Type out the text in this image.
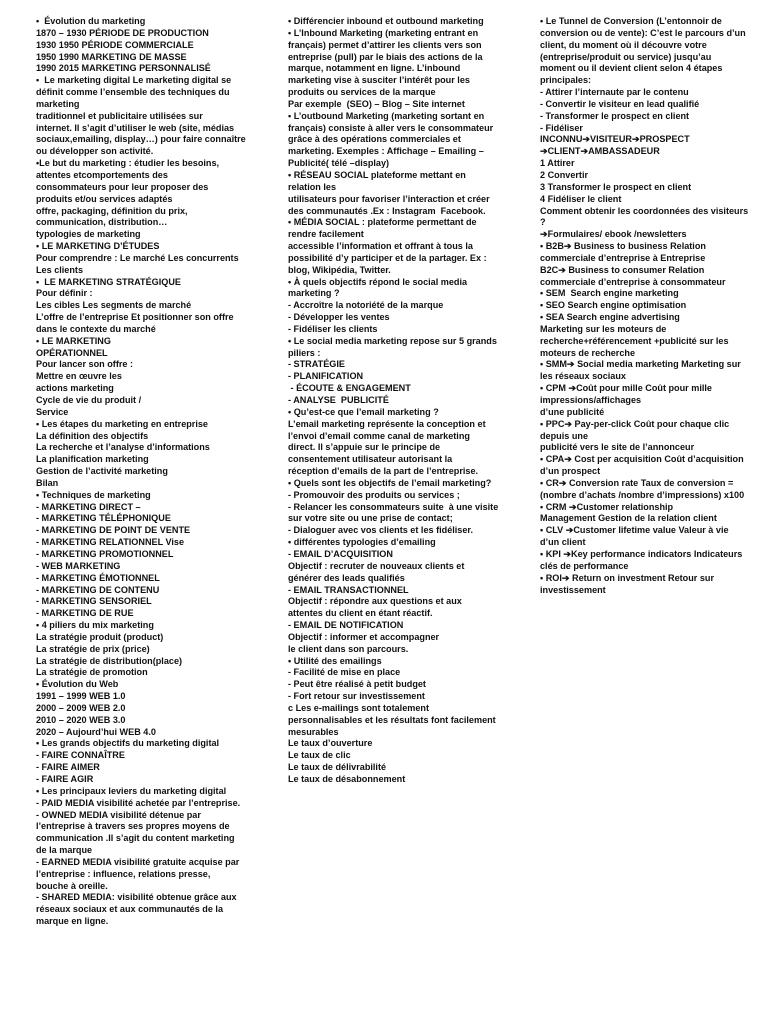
•  Évolution du marketing
1870 – 1930 PÉRIODE DE PRODUCTION
1930 1950 PÉRIODE COMMERCIALE
1950 1990 MARKETING DE MASSE
1990 2015 MARKETING PERSONNALISÉ
•  Le marketing digital Le marketing digital se
définit comme l’ensemble des techniques du
marketing
traditionnel et publicitaire utilisées sur
internet. Il s’agit d’utiliser le web (site, médias
sociaux,emailing, display…) pour faire connaître
ou développer son activité.
•Le but du marketing : étudier les besoins,
attentes etcomportements des
consommateurs pour leur proposer des
produits et/ou services adaptés
offre, packaging, définition du prix,
communication, distribution…
typologies de marketing
• LE MARKETING D’ÉTUDES
Pour comprendre : Le marché Les concurrents
Les clients
•  LE MARKETING STRATÉGIQUE
Pour définir :
Les cibles Les segments de marché
L’offre de l’entreprise Et positionner son offre
dans le contexte du marché
• LE MARKETING
OPÉRATIONNEL
Pour lancer son offre :
Mettre en œuvre les
actions marketing
Cycle de vie du produit /
Service
• Les étapes du marketing en entreprise
La définition des objectifs
La recherche et l’analyse d’informations
La planification marketing
Gestion de l’activité marketing
Bilan
• Techniques de marketing
- MARKETING DIRECT –
- MARKETING TÉLÉPHONIQUE
- MARKETING DE POINT DE VENTE
- MARKETING RELATIONNEL Vise
- MARKETING PROMOTIONNEL
- WEB MARKETING
- MARKETING ÉMOTIONNEL
- MARKETING DE CONTENU
- MARKETING SENSORIEL
- MARKETING DE RUE
• 4 piliers du mix marketing
La stratégie produit (product)
La stratégie de prix (price)
La stratégie de distribution(place)
La stratégie de promotion
• Évolution du Web
1991 – 1999 WEB 1.0
2000 – 2009 WEB 2.0
2010 – 2020 WEB 3.0
2020 – Aujourd’hui WEB 4.0
• Les grands objectifs du marketing digital
- FAIRE CONNAÎTRE
- FAIRE AIMER
- FAIRE AGIR
• Les principaux leviers du marketing digital
- PAID MEDIA visibilité achetée par l’entreprise.
- OWNED MEDIA visibilité détenue par
l’entreprise à travers ses propres moyens de
communication .Il s’agit du content marketing
de la marque
- EARNED MEDIA visibilité gratuite acquise par
l’entreprise : influence, relations presse,
bouche à oreille.
- SHARED MEDIA: visibilité obtenue grâce aux
réseaux sociaux et aux communautés de la
marque en ligne.
• Différencier inbound et outbound marketing
• L’Inbound Marketing (marketing entrant en
français) permet d’attirer les clients vers son
entreprise (pull) par le biais des actions de la
marque, notamment en ligne. L’inbound
marketing vise à susciter l’intérêt pour les
produits ou services de la marque
Par exemple  (SEO) – Blog – Site internet
• L’outbound Marketing (marketing sortant en
français) consiste à aller vers le consommateur
grâce à des opérations commerciales et
marketing. Exemples : Affichage – Emailing –
Publicité( télé –display)
• RÉSEAU SOCIAL plateforme mettant en
relation les
utilisateurs pour favoriser l’interaction et créer
des communautés .Ex : Instagram  Facebook.
• MÉDIA SOCIAL : plateforme permettant de
rendre facilement
accessible l’information et offrant à tous la
possibilité d’y participer et de la partager. Ex :
blog, Wikipédia, Twitter.
• À quels objectifs répond le social media
marketing ?
- Accroître la notoriété de la marque
- Développer les ventes
- Fidéliser les clients
• Le social media marketing repose sur 5 grands
piliers :
- STRATÉGIE
- PLANIFICATION
- ÉCOUTE & ENGAGEMENT
- ANALYSE  PUBLICITÉ
• Qu’est-ce que l’email marketing ?
L’email marketing représente la conception et
l’envoi d’email comme canal de marketing
direct. Il s’appuie sur le principe de
consentement utilisateur autorisant la
réception d’emails de la part de l’entreprise.
• Quels sont les objectifs de l’email marketing?
- Promouvoir des produits ou services ;
- Relancer les consommateurs suite  à une visite
sur votre site ou une prise de contact;
- Dialoguer avec vos clients et les fidéliser.
• différentes typologies d’emailing
- EMAIL D’ACQUISITION
Objectif : recruter de nouveaux clients et
générer des leads qualifiés
- EMAIL TRANSACTIONNEL
Objectif : répondre aux questions et aux
attentes du client en étant réactif.
- EMAIL DE NOTIFICATION
Objectif : informer et accompagner
le client dans son parcours.
• Utilité des emailings
- Facilité de mise en place
- Peut être réalisé à petit budget
- Fort retour sur investissement
c Les e-mailings sont totalement
personnalisables et les résultats font facilement
mesurables
Le taux d’ouverture
Le taux de clic
Le taux de délivrabilité
Le taux de désabonnement
• Le Tunnel de Conversion (L’entonnoir de
conversion ou de vente): C’est le parcours d’un
client, du moment où il découvre votre
(entreprise/produit ou service) jusqu’au
moment ou il devient client selon 4 étapes
principales:
- Attirer l’internaute par le contenu
- Convertir le visiteur en lead qualifié
- Transformer le prospect en client
- Fidéliser
INCONNU➔VISITEUR➔PROSPECT
➔CLIENT➔AMBASSADEUR
1 Attirer
2 Convertir
3 Transformer le prospect en client
4 Fidéliser le client
Comment obtenir les coordonnées des visiteurs
?
➔Formulaires/ ebook /newsletters
• B2B➔ Business to business Relation
commerciale d’entreprise à Entreprise
B2C➔ Business to consumer Relation
commerciale d’entreprise à consommateur
• SEM  Search engine marketing
• SEO Search engine optimisation
• SEA Search engine advertising
Marketing sur les moteurs de
recherche+référencement +publicité sur les
moteurs de recherche
• SMM➔ Social media marketing Marketing sur
les réseaux sociaux
• CPM ➔Coût pour mille Coût pour mille
impressions/affichages
d’une publicité
• PPC➔ Pay-per-click Coût pour chaque clic
depuis une
publicité vers le site de l’annonceur
• CPA➔ Cost per acquisition Coût d’acquisition
d’un prospect
• CR➔ Conversion rate Taux de conversion =
(nombre d’achats /nombre d’impressions) x100
• CRM ➔Customer relationship
Management Gestion de la relation client
• CLV ➔Customer lifetime value Valeur à vie
d’un client
• KPI ➔Key performance indicators Indicateurs
clés de performance
• ROI➔ Return on investment Retour sur
investissement
